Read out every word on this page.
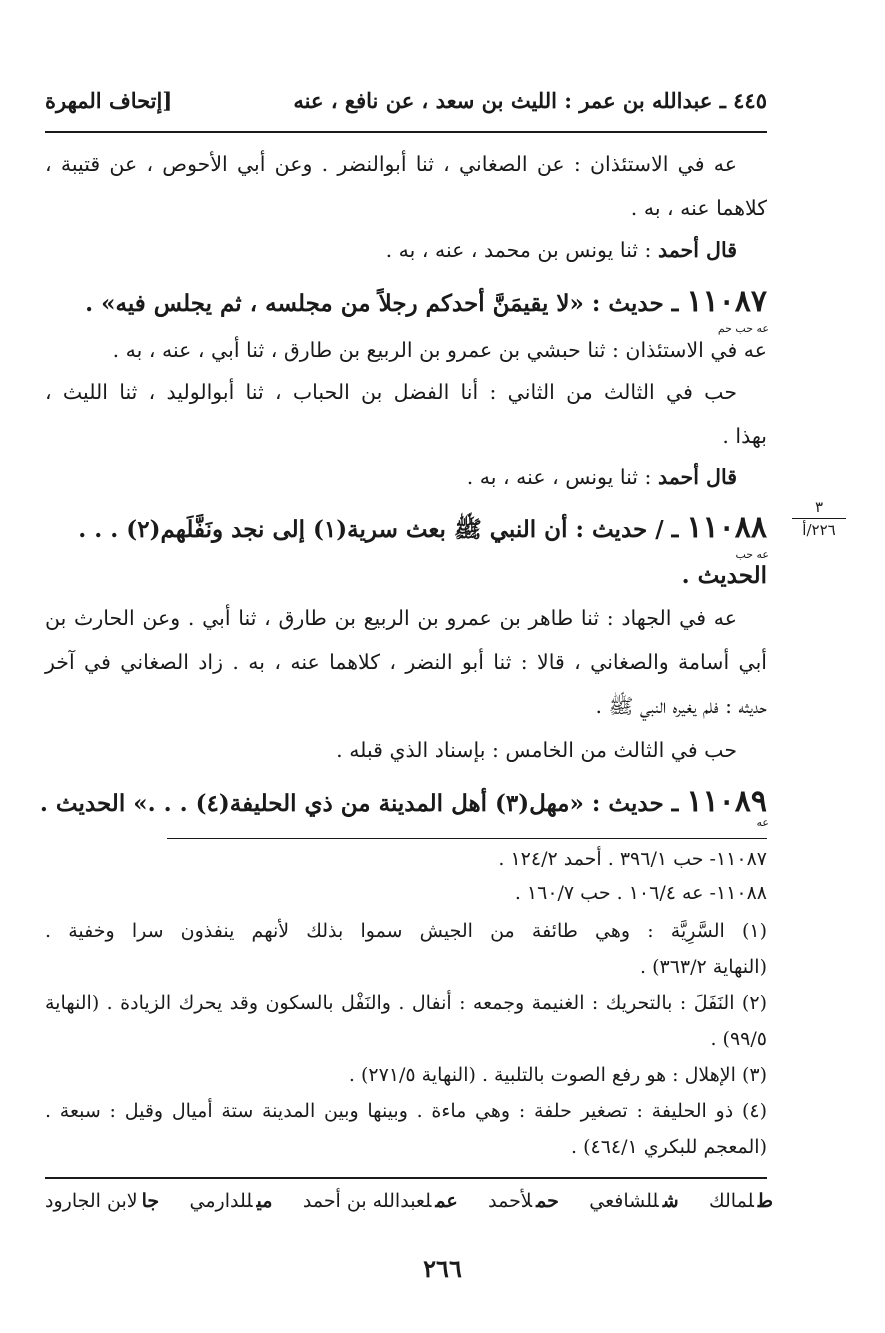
٤٤٥ ـ عبدالله بن عمر : الليث بن سعد ، عن نافع ، عنه
[إتحاف المهرة
٣
٢٢٦/أ
عه في الاستئذان : عن الصغاني ، ثنا أبوالنضر . وعن أبي الأحوص ، عن قتيبة ،
كلاهما عنه ، به .
قال أحمد : ثنا يونس بن محمد ، عنه ، به .
١١٠٨٧ ـ حديث : «لا يقيمَنَّ أحدكم رجلاً من مجلسه ، ثم يجلس فيه» .
عه حب حم
عه في الاستئذان : ثنا حبشي بن عمرو بن الربيع بن طارق ، ثنا أبي ، عنه ، به .
حب في الثالث من الثاني : أنا الفضل بن الحباب ، ثنا أبوالوليد ، ثنا الليث ،
بهذا .
قال أحمد : ثنا يونس ، عنه ، به .
١١٠٨٨ ـ / حديث : أن النبي ﷺ بعث سرية(١) إلى نجد ونَفَّلَهم(٢) . . .
عه حب
الحديث .
عه في الجهاد : ثنا طاهر بن عمرو بن الربيع بن طارق ، ثنا أبي . وعن الحارث بن
أبي أسامة والصغاني ، قالا : ثنا أبو النضر ، كلاهما عنه ، به . زاد الصغاني في آخر
حديثه : فلم يغيره النبي ﷺ .
حب في الثالث من الخامس : بإسناد الذي قبله .
١١٠٨٩ ـ حديث : «مهل(٣) أهل المدينة من ذي الحليفة(٤) . . .» الحديث .
عه
١١٠٨٧- حب ٣٩٦/١ . أحمد ١٢٤/٢ .
١١٠٨٨- عه ١٠٦/٤ . حب ١٦٠/٧ .
(١) السَّرِيَّة : وهي طائفة من الجيش سموا بذلك لأنهم ينفذون سرا وخفية .
(النهاية ٣٦٣/٢) .
(٢) النَفَلَ : بالتحريك : الغنيمة وجمعه : أنفال . والنَفْل بالسكون وقد يحرك الزيادة . (النهاية
٩٩/٥) .
(٣) الإهلال : هو رفع الصوت بالتلبية . (النهاية ٢٧١/٥) .
(٤) ذو الحليفة : تصغير حلفة : وهي ماءة . وبينها وبين المدينة ستة أميال وقيل : سبعة .
(المعجم للبكري ٤٦٤/١) .
طلمالك
شللشافعي
حملأحمد
عملعبدالله بن أحمد
ميللدارمي
جالابن الجارود
٢٦٦
